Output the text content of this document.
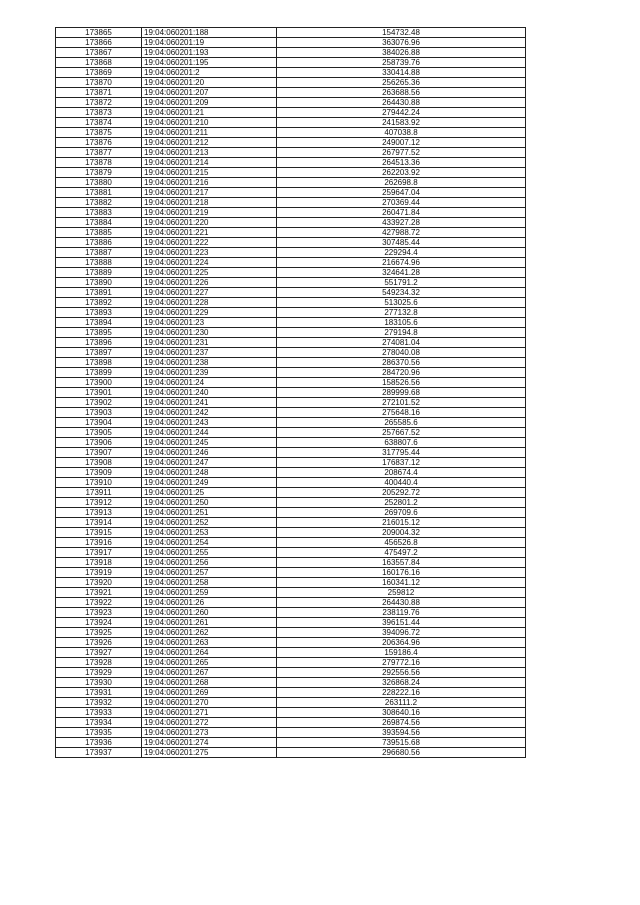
173865	19:04:060201:188	154732.48
173866	19:04:060201:19	363076.96
173867	19:04:060201:193	384026.88
173868	19:04:060201:195	258739.76
173869	19:04:060201:2	330414.88
173870	19:04:060201:20	256265.36
173871	19:04:060201:207	263688.56
173872	19:04:060201:209	264430.88
173873	19:04:060201:21	279442.24
173874	19:04:060201:210	241583.92
173875	19:04:060201:211	407038.8
173876	19:04:060201:212	249007.12
173877	19:04:060201:213	267977.52
173878	19:04:060201:214	264513.36
173879	19:04:060201:215	262203.92
173880	19:04:060201:216	262698.8
173881	19:04:060201:217	259647.04
173882	19:04:060201:218	270369.44
173883	19:04:060201:219	260471.84
173884	19:04:060201:220	433927.28
173885	19:04:060201:221	427988.72
173886	19:04:060201:222	307485.44
173887	19:04:060201:223	229294.4
173888	19:04:060201:224	216674.96
173889	19:04:060201:225	324641.28
173890	19:04:060201:226	551791.2
173891	19:04:060201:227	549234.32
173892	19:04:060201:228	513025.6
173893	19:04:060201:229	277132.8
173894	19:04:060201:23	183105.6
173895	19:04:060201:230	279194.8
173896	19:04:060201:231	274081.04
173897	19:04:060201:237	278040.08
173898	19:04:060201:238	286370.56
173899	19:04:060201:239	284720.96
173900	19:04:060201:24	158526.56
173901	19:04:060201:240	289999.68
173902	19:04:060201:241	272101.52
173903	19:04:060201:242	275648.16
173904	19:04:060201:243	265585.6
173905	19:04:060201:244	257667.52
173906	19:04:060201:245	638807.6
173907	19:04:060201:246	317795.44
173908	19:04:060201:247	176837.12
173909	19:04:060201:248	208674.4
173910	19:04:060201:249	400440.4
173911	19:04:060201:25	205292.72
173912	19:04:060201:250	252801.2
173913	19:04:060201:251	269709.6
173914	19:04:060201:252	216015.12
173915	19:04:060201:253	209004.32
173916	19:04:060201:254	456526.8
173917	19:04:060201:255	475497.2
173918	19:04:060201:256	163557.84
173919	19:04:060201:257	160176.16
173920	19:04:060201:258	160341.12
173921	19:04:060201:259	259812
173922	19:04:060201:26	264430.88
173923	19:04:060201:260	238119.76
173924	19:04:060201:261	396151.44
173925	19:04:060201:262	394096.72
173926	19:04:060201:263	206364.96
173927	19:04:060201:264	159186.4
173928	19:04:060201:265	279772.16
173929	19:04:060201:267	292556.56
173930	19:04:060201:268	326868.24
173931	19:04:060201:269	228222.16
173932	19:04:060201:270	263111.2
173933	19:04:060201:271	308640.16
173934	19:04:060201:272	269874.56
173935	19:04:060201:273	393594.56
173936	19:04:060201:274	739515.68
173937	19:04:060201:275	296680.56
